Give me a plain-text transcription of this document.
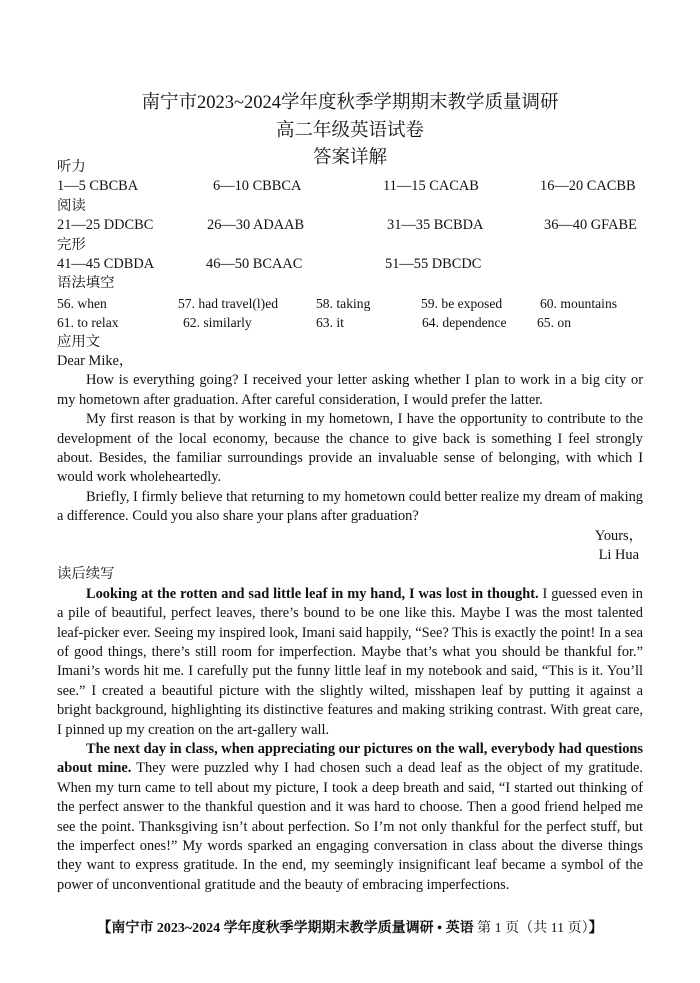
南宁市2023~2024学年度秋季学期期末教学质量调研
高二年级英语试卷
答案详解
听力
1—5 CBCBA	6—10 CBBCA	11—15 CACAB	16—20 CACBB
阅读
21—25 DDCBC	26—30 ADAAB	31—35 BCBDA	36—40 GFABE
完形
41—45 CDBDA	46—50 BCAAC	51—55 DBCDC
语法填空
56. when	57. had travel(l)ed	58. taking	59. be exposed	60. mountains
61. to relax	62. similarly	63. it	64. dependence 65. on
应用文
Dear Mike，

How is everything going? I received your letter asking whether I plan to work in a big city or my hometown after graduation. After careful consideration, I would prefer the latter.

My first reason is that by working in my hometown, I have the opportunity to contribute to the development of the local economy, because the chance to give back is something I feel strongly about. Besides, the familiar surroundings provide an invaluable sense of belonging, with which I would work wholeheartedly.

Briefly, I firmly believe that returning to my hometown could better realize my dream of making a difference. Could you also share your plans after graduation?

Yours，
Li Hua
读后续写

Looking at the rotten and sad little leaf in my hand, I was lost in thought. I guessed even in a pile of beautiful, perfect leaves, there’s bound to be one like this. Maybe I was the most talented leaf-picker ever. Seeing my inspired look, Imani said happily, “See? This is exactly the point! In a sea of good things, there’s still room for imperfection. Maybe that’s what you should be thankful for.” Imani’s words hit me. I carefully put the funny little leaf in my notebook and said, “This is it. You’ll see.” I created a beautiful picture with the slightly wilted, misshapen leaf by putting it against a bright background, highlighting its distinctive features and making striking contrast. With great care, I pinned up my creation on the art-gallery wall.

The next day in class, when appreciating our pictures on the wall, everybody had questions about mine. They were puzzled why I had chosen such a dead leaf as the object of my gratitude. When my turn came to tell about my picture, I took a deep breath and said, “I started out thinking of the perfect answer to the thankful question and it was hard to choose. Then a good friend helped me see the point. Thanksgiving isn’t about perfection. So I’m not only thankful for the perfect stuff, but the imperfect ones!” My words sparked an engaging conversation in class about the diverse things they want to express gratitude. In the end, my seemingly insignificant leaf became a symbol of the power of unconventional gratitude and the beauty of embracing imperfections.

【南宁市 2023~2024 学年度秋季学期期末教学质量调研 • 英语 第 1 页（共 11 页）】
